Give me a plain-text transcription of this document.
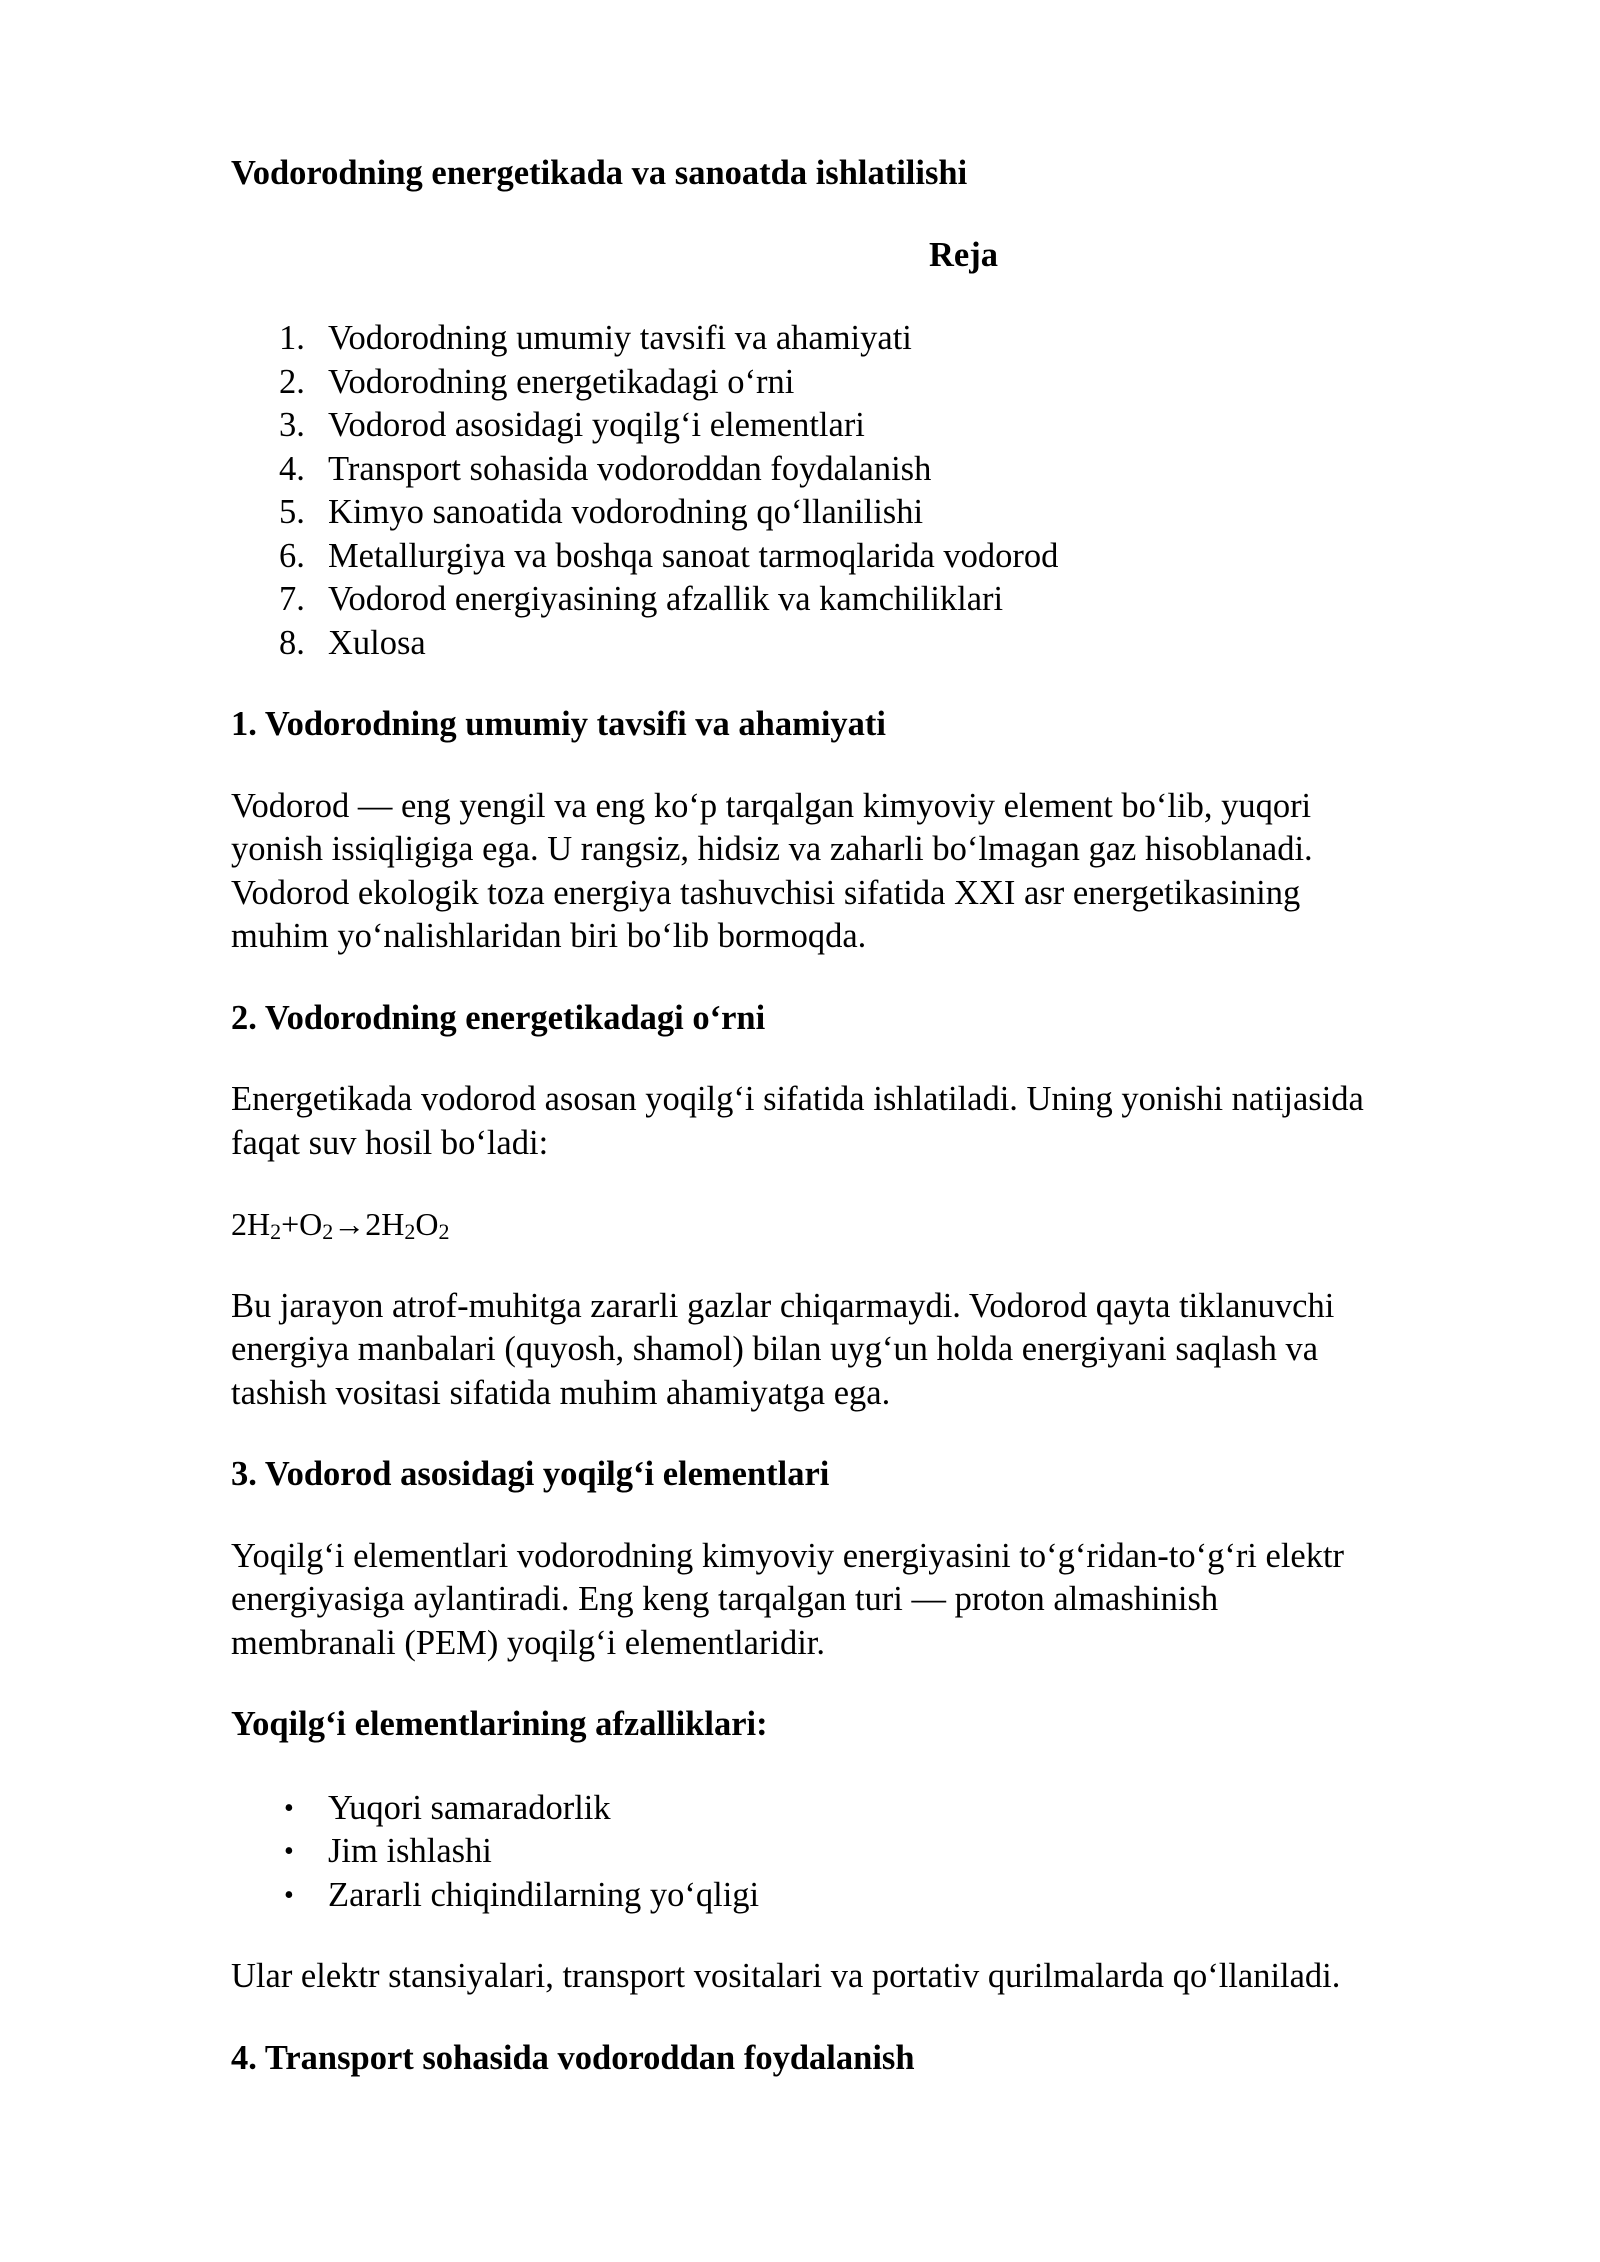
Vodorodning energetikada va sanoatda ishlatilishi

Reja

1. Vodorodning umumiy tavsifi va ahamiyati
2. Vodorodning energetikadagi o‘rni
3. Vodorod asosidagi yoqilg‘i elementlari
4. Transport sohasida vodoroddan foydalanish
5. Kimyo sanoatida vodorodning qo‘llanilishi
6. Metallurgiya va boshqa sanoat tarmoqlarida vodorod
7. Vodorod energiyasining afzallik va kamchiliklari
8. Xulosa

1. Vodorodning umumiy tavsifi va ahamiyati

Vodorod — eng yengil va eng ko‘p tarqalgan kimyoviy element bo‘lib, yuqori
yonish issiqligiga ega. U rangsiz, hidsiz va zaharli bo‘lmagan gaz hisoblanadi.
Vodorod ekologik toza energiya tashuvchisi sifatida XXI asr energetikasining
muhim yo‘nalishlaridan biri bo‘lib bormoqda.

2. Vodorodning energetikadagi o‘rni

Energetikada vodorod asosan yoqilg‘i sifatida ishlatiladi. Uning yonishi natijasida
faqat suv hosil bo‘ladi:
$2H_2+O_2\to 2H_2O_2$
Bu jarayon atrof-muhitga zararli gazlar chiqarmaydi. Vodorod qayta tiklanuvchi
energiya manbalari (quyosh, shamol) bilan uyg‘un holda energiyani saqlash va
tashish vositasi sifatida muhim ahamiyatga ega.

3. Vodorod asosidagi yoqilg‘i elementlari

Yoqilg‘i elementlari vodorodning kimyoviy energiyasini to‘g‘ridan-to‘g‘ri elektr
energiyasiga aylantiradi. Eng keng tarqalgan turi — proton almashinish
membranali (PEM) yoqilg‘i elementlaridir.

Yoqilg‘i elementlarining afzalliklari:

• Yuqori samaradorlik
• Jim ishlashi
• Zararli chiqindilarning yo‘qligi
Ular elektr stansiyalari, transport vositalari va portativ qurilmalarda qo‘llaniladi.

4. Transport sohasida vodoroddan foydalanish
